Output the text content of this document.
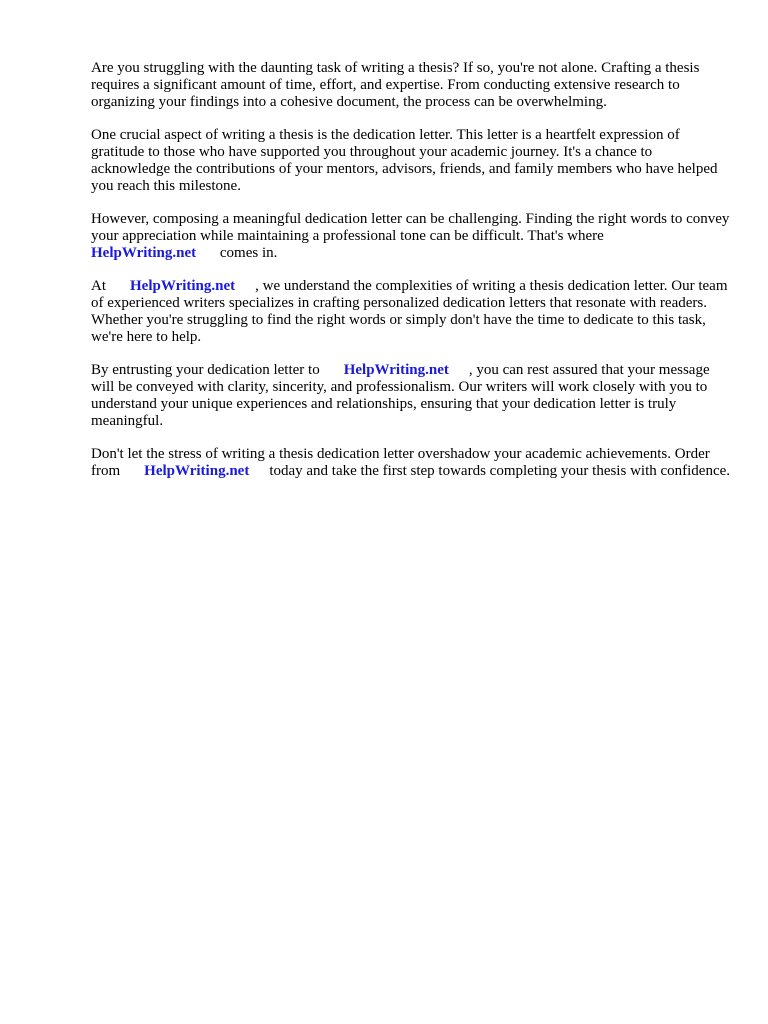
Are you struggling with the daunting task of writing a thesis? If so, you're not alone. Crafting a thesis requires a significant amount of time, effort, and expertise. From conducting extensive research to organizing your findings into a cohesive document, the process can be overwhelming.

One crucial aspect of writing a thesis is the dedication letter. This letter is a heartfelt expression of gratitude to those who have supported you throughout your academic journey. It's a chance to acknowledge the contributions of your mentors, advisors, friends, and family members who have helped you reach this milestone.

However, composing a meaningful dedication letter can be challenging. Finding the right words to convey your appreciation while maintaining a professional tone can be difficult. That's where
HelpWriting.net comes in.

At HelpWriting.net , we understand the complexities of writing a thesis dedication letter. Our team of experienced writers specializes in crafting personalized dedication letters that resonate with readers. Whether you're struggling to find the right words or simply don't have the time to dedicate to this task, we're here to help.

By entrusting your dedication letter to HelpWriting.net , you can rest assured that your message will be conveyed with clarity, sincerity, and professionalism. Our writers will work closely with you to understand your unique experiences and relationships, ensuring that your dedication letter is truly meaningful.

Don't let the stress of writing a thesis dedication letter overshadow your academic achievements. Order from HelpWriting.net today and take the first step towards completing your thesis with confidence.
